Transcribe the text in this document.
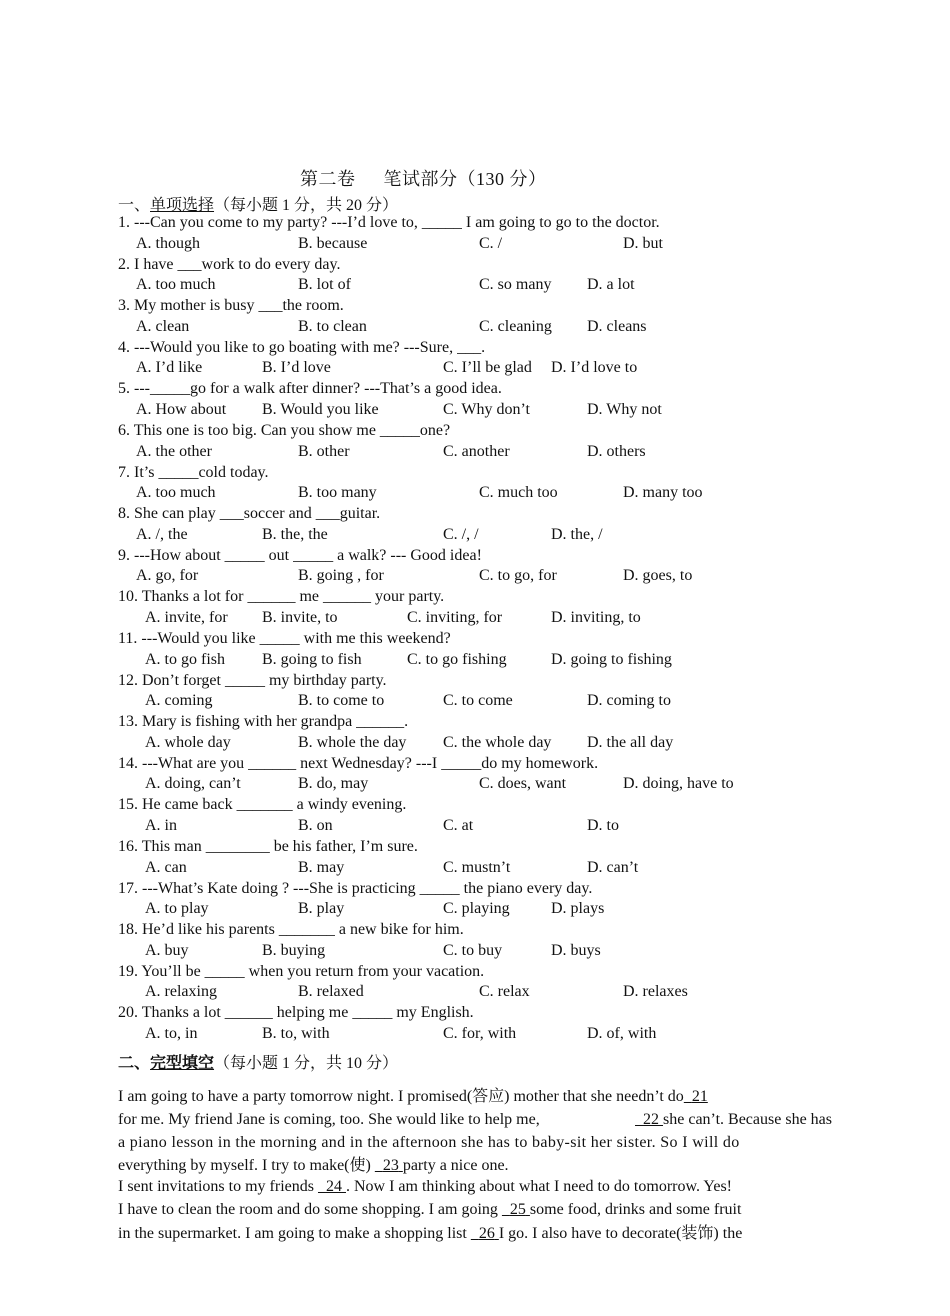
第二卷 笔试部分（130 分）
一、单项选择（每小题 1 分，共 20 分）
1. ---Can you come to my party? ---I’d love to, _____ I am going to go to the doctor.
A. though	B. because	C. /	D. but
2. I have ___work to do every day.
A. too much	B. lot of	C. so many D. a lot
3. My mother is busy ___the room.
A. clean	B. to clean	C. cleaning D. cleans
4. ---Would you like to go boating with me? ---Sure, ___.
A. I’d like	B. I’d love	C. I’ll be glad D. I’d love to
5. ---_____go for a walk after dinner? ---That’s a good idea.
A. How about B. Would you like	C. Why don’t	D. Why not
6. This one is too big. Can you show me _____one?
A. the other	B. other	C. another	D. others
7. It’s _____cold today.
A. too much	B. too many	C. much too	D. many too
8. She can play ___soccer and ___guitar.
A. /, the	B. the, the	C. /, /	D. the, /
9. ---How about _____ out _____ a walk? --- Good idea!
A. go, for	B. going , for	C. to go, for	D. goes, to
10. Thanks a lot for ______ me ______ your party.
A. invite, for B. invite, to	C. inviting, for	D. inviting, to
11. ---Would you like _____ with me this weekend?
A. to go fish B. going to fish	C. to go fishing	D. going to fishing
12. Don’t forget _____ my birthday party.
A. coming	B. to come to	C. to come	D. coming to
13. Mary is fishing with her grandpa ______.
A. whole day	B. whole the day C. the whole day D. the all day
14. ---What are you ______ next Wednesday? ---I _____do my homework.
A. doing, can’t	B. do, may	C. does, want	D. doing, have to
15. He came back _______ a windy evening.
A. in	B. on	C. at	D. to
16. This man ________ be his father, I’m sure.
A. can	B. may	C. mustn’t	D. can’t
17. ---What’s Kate doing ? ---She is practicing _____ the piano every day.
A. to play	B. play	C. playing	D. plays
18. He’d like his parents _______ a new bike for him.
A. buy	B. buying	C. to buy	D. buys
19. You’ll be _____ when you return from your vacation.
A. relaxing	B. relaxed	C. relax	D. relaxes
20. Thanks a lot ______ helping me _____ my English.
A. to, in	B. to, with	C. for, with	D. of, with
二、完型填空（每小题 1 分，共 10 分）
I am going to have a party tomorrow night. I promised(答应) mother that she needn’t do 21
for me. My friend Jane is coming, too. She would like to help me,	22 she can’t. Because she has
a piano lesson in the morning and in the afternoon she has to baby-sit her sister. So I will do
everything by myself. I try to make(使) 23 party a nice one.
I sent invitations to my friends 24 . Now I am thinking about what I need to do tomorrow. Yes!
I have to clean the room and do some shopping. I am going 25 some food, drinks and some fruit
in the supermarket. I am going to make a shopping list 26 I go. I also have to decorate(装饰) the
